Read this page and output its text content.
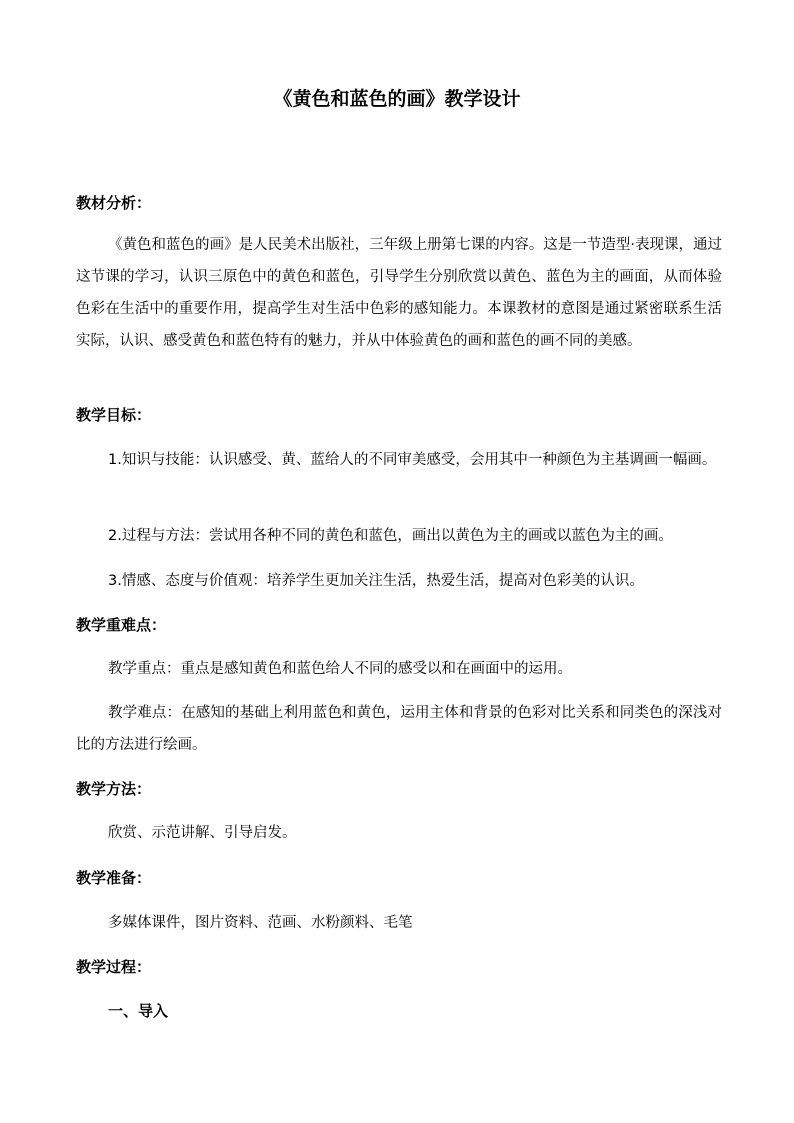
《黄色和蓝色的画》教学设计
教材分析：
《黄色和蓝色的画》是人民美术出版社，三年级上册第七课的内容。这是一节造型·表现课，通过这节课的学习，认识三原色中的黄色和蓝色，引导学生分别欣赏以黄色、蓝色为主的画面，从而体验色彩在生活中的重要作用，提高学生对生活中色彩的感知能力。本课教材的意图是通过紧密联系生活实际，认识、感受黄色和蓝色特有的魅力，并从中体验黄色的画和蓝色的画不同的美感。
教学目标：
1.知识与技能：认识感受、黄、蓝给人的不同审美感受，会用其中一种颜色为主基调画一幅画。
2.过程与方法：尝试用各种不同的黄色和蓝色，画出以黄色为主的画或以蓝色为主的画。
3.情感、态度与价值观：培养学生更加关注生活，热爱生活，提高对色彩美的认识。
教学重难点：
教学重点：重点是感知黄色和蓝色给人不同的感受以和在画面中的运用。
教学难点：在感知的基础上利用蓝色和黄色，运用主体和背景的色彩对比关系和同类色的深浅对比的方法进行绘画。
教学方法：
欣赏、示范讲解、引导启发。
教学准备：
多媒体课件，图片资料、范画、水粉颜料、毛笔
教学过程：
一、导入
